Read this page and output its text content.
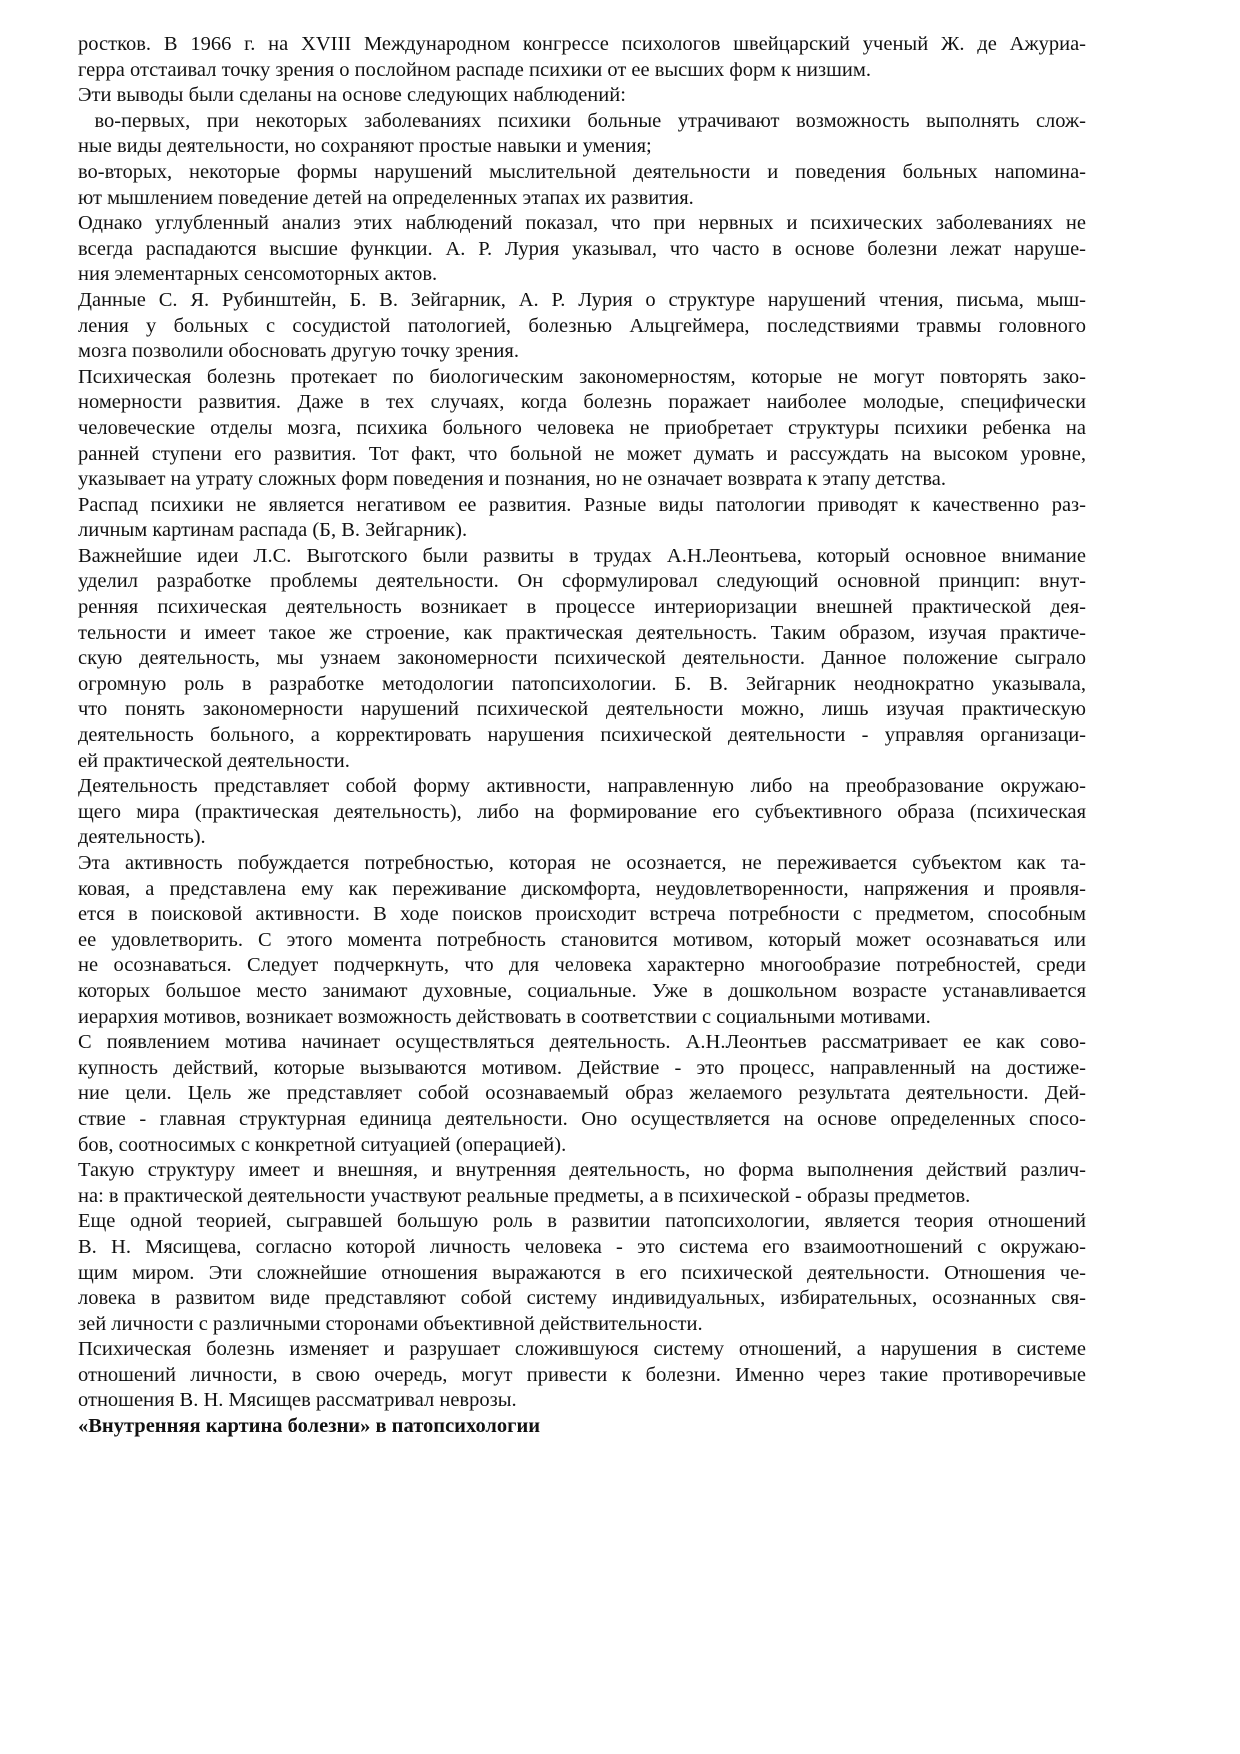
ростков. В 1966 г. на XVIII Международном конгрессе психологов швейцарский ученый Ж. де Ажуриа-
герра отстаивал точку зрения о послойном распаде психики от ее высших форм к низшим.
Эти выводы были сделаны на основе следующих наблюдений:
во-первых, при некоторых заболеваниях психики больные утрачивают возможность выполнять слож-
ные виды деятельности, но сохраняют простые навыки и умения;
во-вторых, некоторые формы нарушений мыслительной деятельности и поведения больных напомина-
ют мышлением поведение детей на определенных этапах их развития.
Однако углубленный анализ этих наблюдений показал, что при нервных и психических заболеваниях не
всегда распадаются высшие функции. А. Р. Лурия указывал, что часто в основе болезни лежат наруше-
ния элементарных сенсомоторных актов.
Данные С. Я. Рубинштейн, Б. В. Зейгарник, А. Р. Лурия о структуре нарушений чтения, письма, мыш-
ления у больных с сосудистой патологией, болезнью Альцгеймера, последствиями травмы головного
мозга позволили обосновать другую точку зрения.
Психическая болезнь протекает по биологическим закономерностям, которые не могут повторять зако-
номерности развития. Даже в тех случаях, когда болезнь поражает наиболее молодые, специфически
человеческие отделы мозга, психика больного человека не приобретает структуры психики ребенка на
ранней ступени его развития. Тот факт, что больной не может думать и рассуждать на высоком уровне,
указывает на утрату сложных форм поведения и познания, но не означает возврата к этапу детства.
Распад психики не является негативом ее развития. Разные виды патологии приводят к качественно раз-
личным картинам распада (Б, В. Зейгарник).
Важнейшие идеи Л.С. Выготского были развиты в трудах А.Н.Леонтьева, который основное внимание
уделил разработке проблемы деятельности. Он сформулировал следующий основной принцип: внут-
ренняя психическая деятельность возникает в процессе интериоризации внешней практической дея-
тельности и имеет такое же строение, как практическая деятельность. Таким образом, изучая практиче-
скую деятельность, мы узнаем закономерности психической деятельности. Данное положение сыграло
огромную роль в разработке методологии патопсихологии. Б. В. Зейгарник неоднократно указывала,
что понять закономерности нарушений психической деятельности можно, лишь изучая практическую
деятельность больного, а корректировать нарушения психической деятельности - управляя организаци-
ей практической деятельности.
Деятельность представляет собой форму активности, направленную либо на преобразование окружаю-
щего мира (практическая деятельность), либо на формирование его субъективного образа (психическая
деятельность).
Эта активность побуждается потребностью, которая не осознается, не переживается субъектом как та-
ковая, а представлена ему как переживание дискомфорта, неудовлетворенности, напряжения и проявля-
ется в поисковой активности. В ходе поисков происходит встреча потребности с предметом, способным
ее удовлетворить. С этого момента потребность становится мотивом, который может осознаваться или
не осознаваться. Следует подчеркнуть, что для человека характерно многообразие потребностей, среди
которых большое место занимают духовные, социальные. Уже в дошкольном возрасте устанавливается
иерархия мотивов, возникает возможность действовать в соответствии с социальными мотивами.
С появлением мотива начинает осуществляться деятельность. А.Н.Леонтьев рассматривает ее как сово-
купность действий, которые вызываются мотивом. Действие - это процесс, направленный на достиже-
ние цели. Цель же представляет собой осознаваемый образ желаемого результата деятельности. Дей-
ствие - главная структурная единица деятельности. Оно осуществляется на основе определенных спосо-
бов, соотносимых с конкретной ситуацией (операцией).
Такую структуру имеет и внешняя, и внутренняя деятельность, но форма выполнения действий различ-
на: в практической деятельности участвуют реальные предметы, а в психической - образы предметов.
Еще одной теорией, сыгравшей большую роль в развитии патопсихологии, является теория отношений
В. Н. Мясищева, согласно которой личность человека - это система его взаимоотношений с окружаю-
щим миром. Эти сложнейшие отношения выражаются в его психической деятельности. Отношения че-
ловека в развитом виде представляют собой систему индивидуальных, избирательных, осознанных свя-
зей личности с различными сторонами объективной действительности.
Психическая болезнь изменяет и разрушает сложившуюся систему отношений, а нарушения в системе
отношений личности, в свою очередь, могут привести к болезни. Именно через такие противоречивые
отношения В. Н. Мясищев рассматривал неврозы.
«Внутренняя картина болезни» в патопсихологии
